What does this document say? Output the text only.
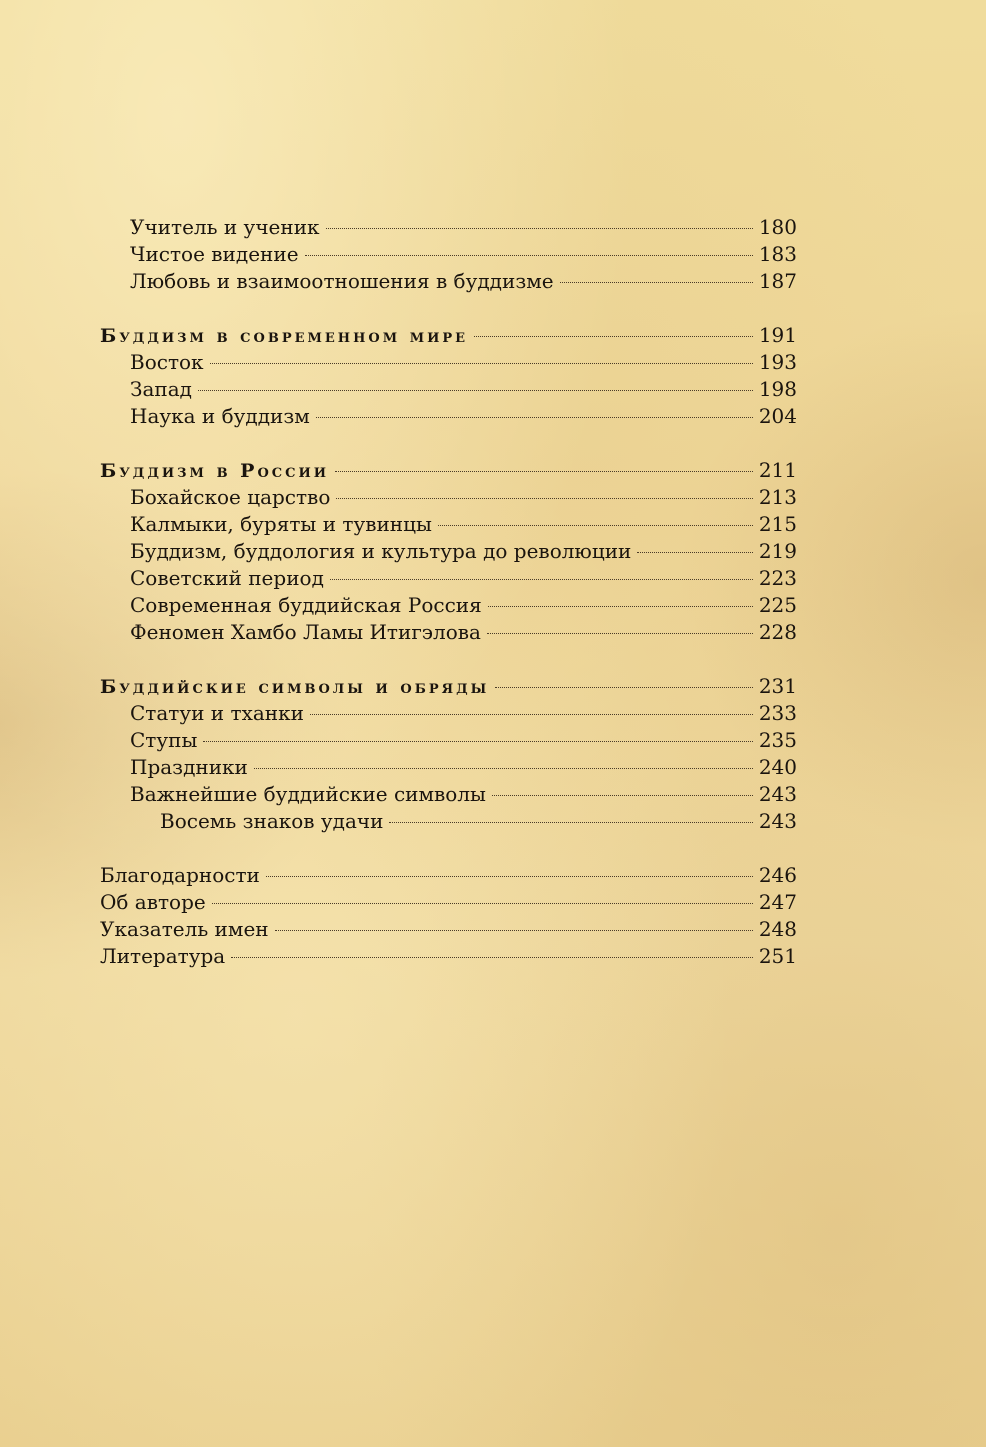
Учитель и ученик	180
Чистое видение	183
Любовь и взаимоотношения в буддизме	187
Буддизм в современном мире	191
Восток	193
Запад	198
Наука и буддизм	204
Буддизм в России	211
Бохайское царство	213
Калмыки, буряты и тувинцы	215
Буддизм, буддология и культура до революции	219
Советский период	223
Современная буддийская Россия	225
Феномен Хамбо Ламы Итигэлова	228
Буддийские символы и обряды	231
Статуи и тханки	233
Ступы	235
Праздники	240
Важнейшие буддийские символы	243
Восемь знаков удачи	243
Благодарности	246
Об авторе	247
Указатель имен	248
Литература	251
